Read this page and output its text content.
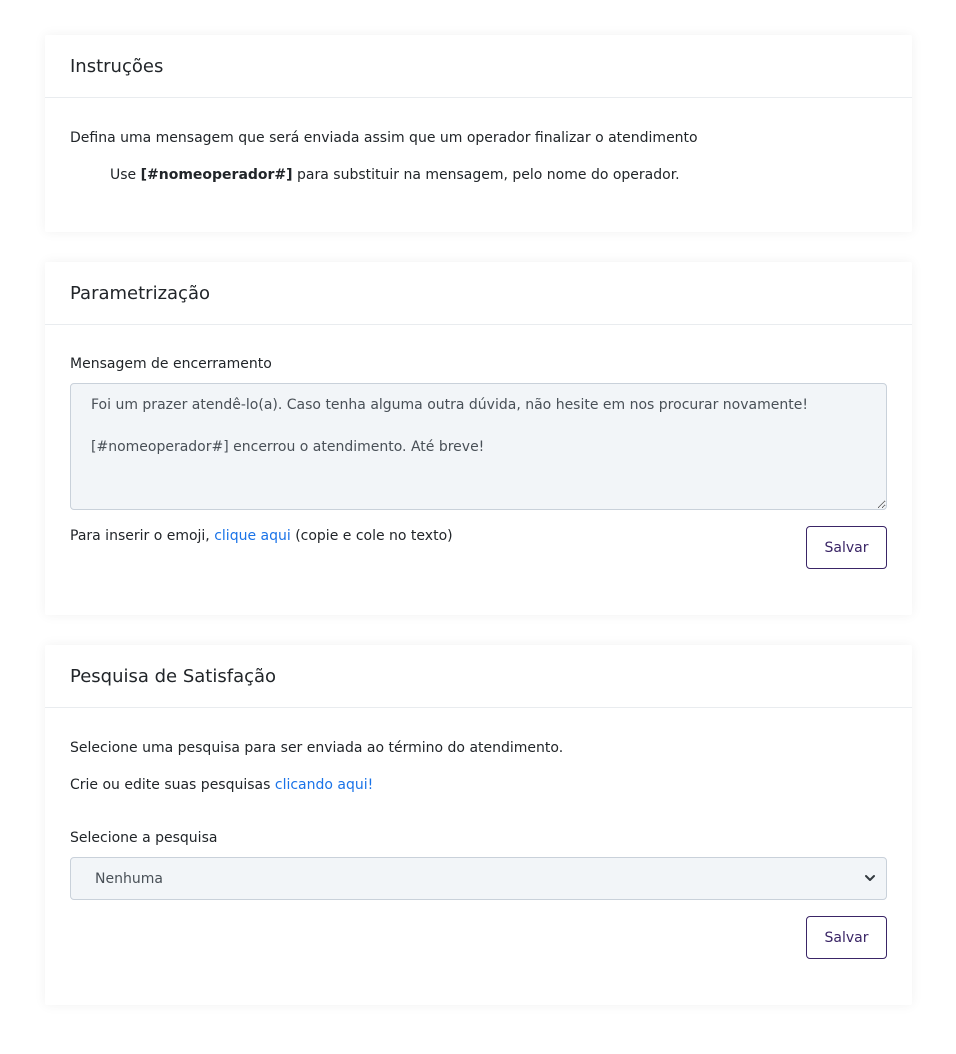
Instruções

Defina uma mensagem que será enviada assim que um operador finalizar o atendimento

Use [#nomeoperador#] para substituir na mensagem, pelo nome do operador.

Parametrização
Mensagem de encerramento
Foi um prazer atendê-lo(a). Caso tenha alguma outra dúvida, não hesite em nos procurar novamente! [#nomeoperador#] encerrou o atendimento. Até breve!

Para inserir o emoji, clique aqui (copie e cole no texto)

Salvar
Pesquisa de Satisfação

Selecione uma pesquisa para ser enviada ao término do atendimento.

Crie ou edite suas pesquisas clicando aqui!

Selecione a pesquisa
Nenhuma
Salvar
